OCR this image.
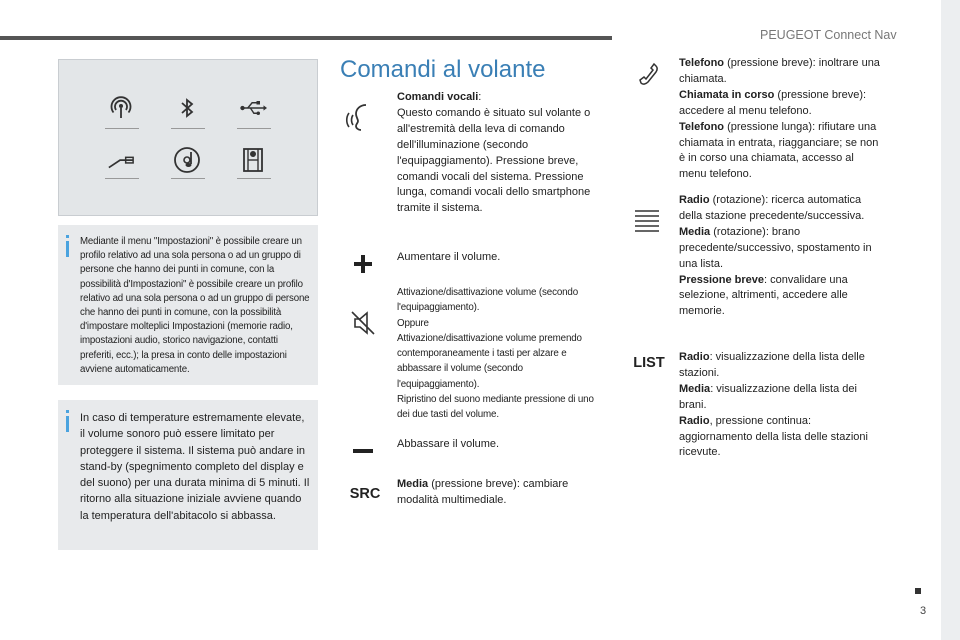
PEUGEOT Connect Nav
3
Mediante il menu "Impostazioni" è possibile creare un profilo relativo ad una sola persona o ad un gruppo di persone che hanno dei punti in comune, con la possibilità d'Impostazioni" è possibile creare un profilo relativo ad una sola persona o ad un gruppo di persone che hanno dei punti in comune, con la possibilità d'impostare molteplici Impostazioni (memorie radio, impostazioni audio, storico navigazione, contatti preferiti, ecc.); la presa in conto delle impostazioni avviene automaticamente.
In caso di temperature estremamente elevate, il volume sonoro può essere limitato per proteggere il sistema. Il sistema può andare in stand-by (spegnimento completo del display e del suono) per una durata minima di 5 minuti. Il ritorno alla situazione iniziale avviene quando la temperatura dell'abitacolo si abbassa.
Comandi al volante

Comandi vocali:

Questo comando è situato sul volante o all'estremità della leva di comando dell'illuminazione (secondo l'equipaggiamento). Pressione breve, comandi vocali del sistema. Pressione lunga, comandi vocali dello smartphone tramite il sistema.

Aumentare il volume.

Attivazione/disattivazione volume (secondo l'equipaggiamento).

Oppure

Attivazione/disattivazione volume premendo contemporaneamente i tasti per alzare e abbassare il volume (secondo l'equipaggiamento).

Ripristino del suono mediante pressione di uno dei due tasti del volume.

Abbassare il volume.
SRC

Media (pressione breve): cambiare modalità multimediale.

Telefono (pressione breve): inoltrare una chiamata.

Chiamata in corso (pressione breve): accedere al menu telefono.

Telefono (pressione lunga): rifiutare una chiamata in entrata, riagganciare; se non è in corso una chiamata, accesso al menu telefono.

Radio (rotazione): ricerca automatica della stazione precedente/successiva.

Media (rotazione): brano precedente/successivo, spostamento in una lista.

Pressione breve: convalidare una selezione, altrimenti, accedere alle memorie.

LIST Radio: visualizzazione della lista delle stazioni.

Media: visualizzazione della lista dei brani.

Radio, pressione continua: aggiornamento della lista delle stazioni ricevute.
